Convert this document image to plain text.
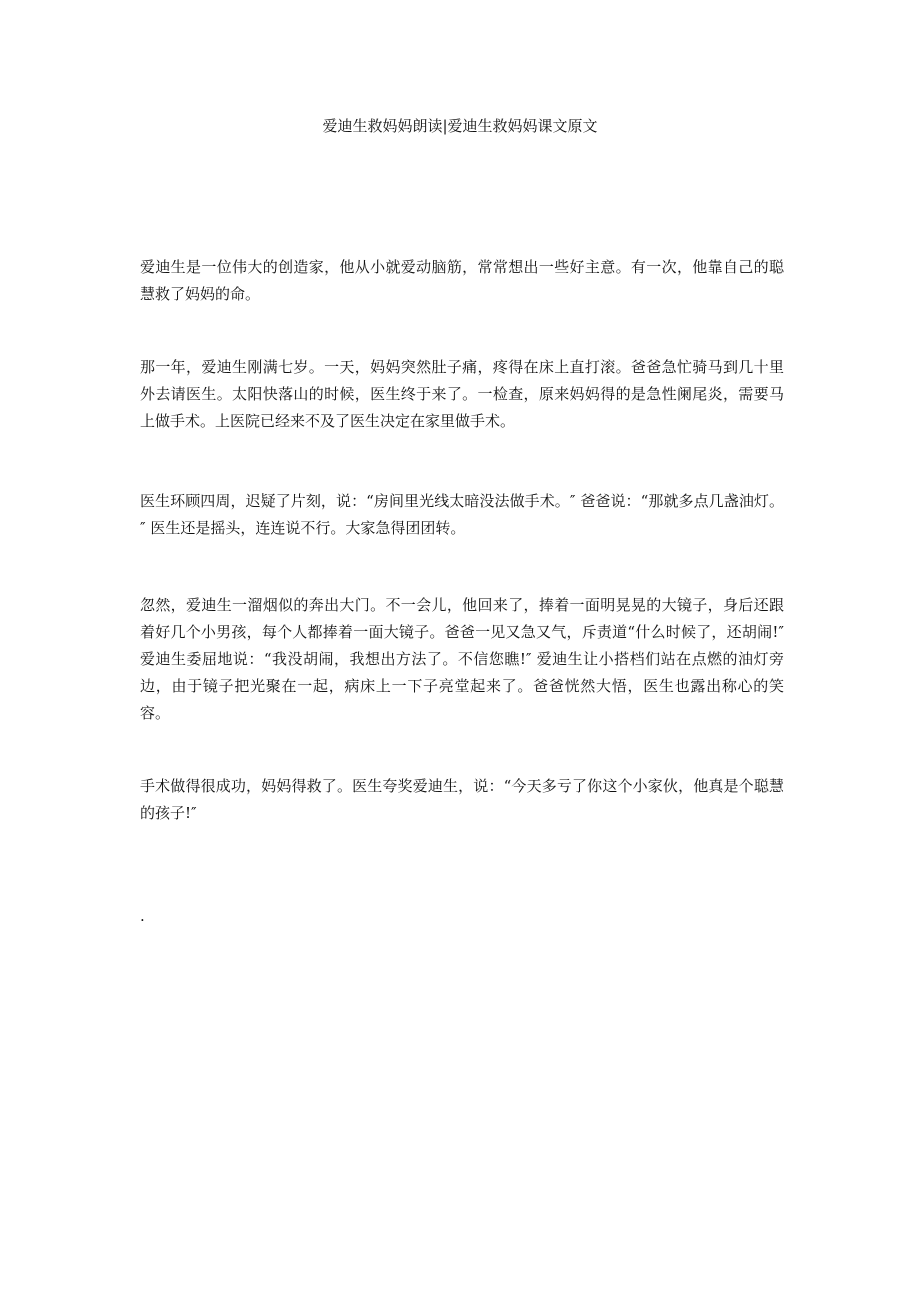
爱迪生救妈妈朗读|爱迪生救妈妈课文原文

爱迪生是一位伟大的创造家，他从小就爱动脑筋，常常想出一些好主意。有一次，他靠自己的聪慧救了妈妈的命。

那一年，爱迪生刚满七岁。一天，妈妈突然肚子痛，疼得在床上直打滚。爸爸急忙骑马到几十里外去请医生。太阳快落山的时候，医生终于来了。一检查，原来妈妈得的是急性阑尾炎，需要马上做手术。上医院已经来不及了医生决定在家里做手术。

医生环顾四周，迟疑了片刻，说：“房间里光线太暗没法做手术。″ 爸爸说：“那就多点几盏油灯。″ 医生还是摇头，连连说不行。大家急得团团转。

忽然，爱迪生一溜烟似的奔出大门。不一会儿，他回来了，捧着一面明晃晃的大镜子，身后还跟着好几个小男孩，每个人都捧着一面大镜子。爸爸一见又急又气，斥责道“什么时候了，还胡闹!″ 爱迪生委屈地说：“我没胡闹，我想出方法了。不信您瞧!″ 爱迪生让小搭档们站在点燃的油灯旁边，由于镜子把光聚在一起，病床上一下子亮堂起来了。爸爸恍然大悟，医生也露出称心的笑容。

手术做得很成功，妈妈得救了。医生夸奖爱迪生，说：“今天多亏了你这个小家伙，他真是个聪慧的孩子!″

.
